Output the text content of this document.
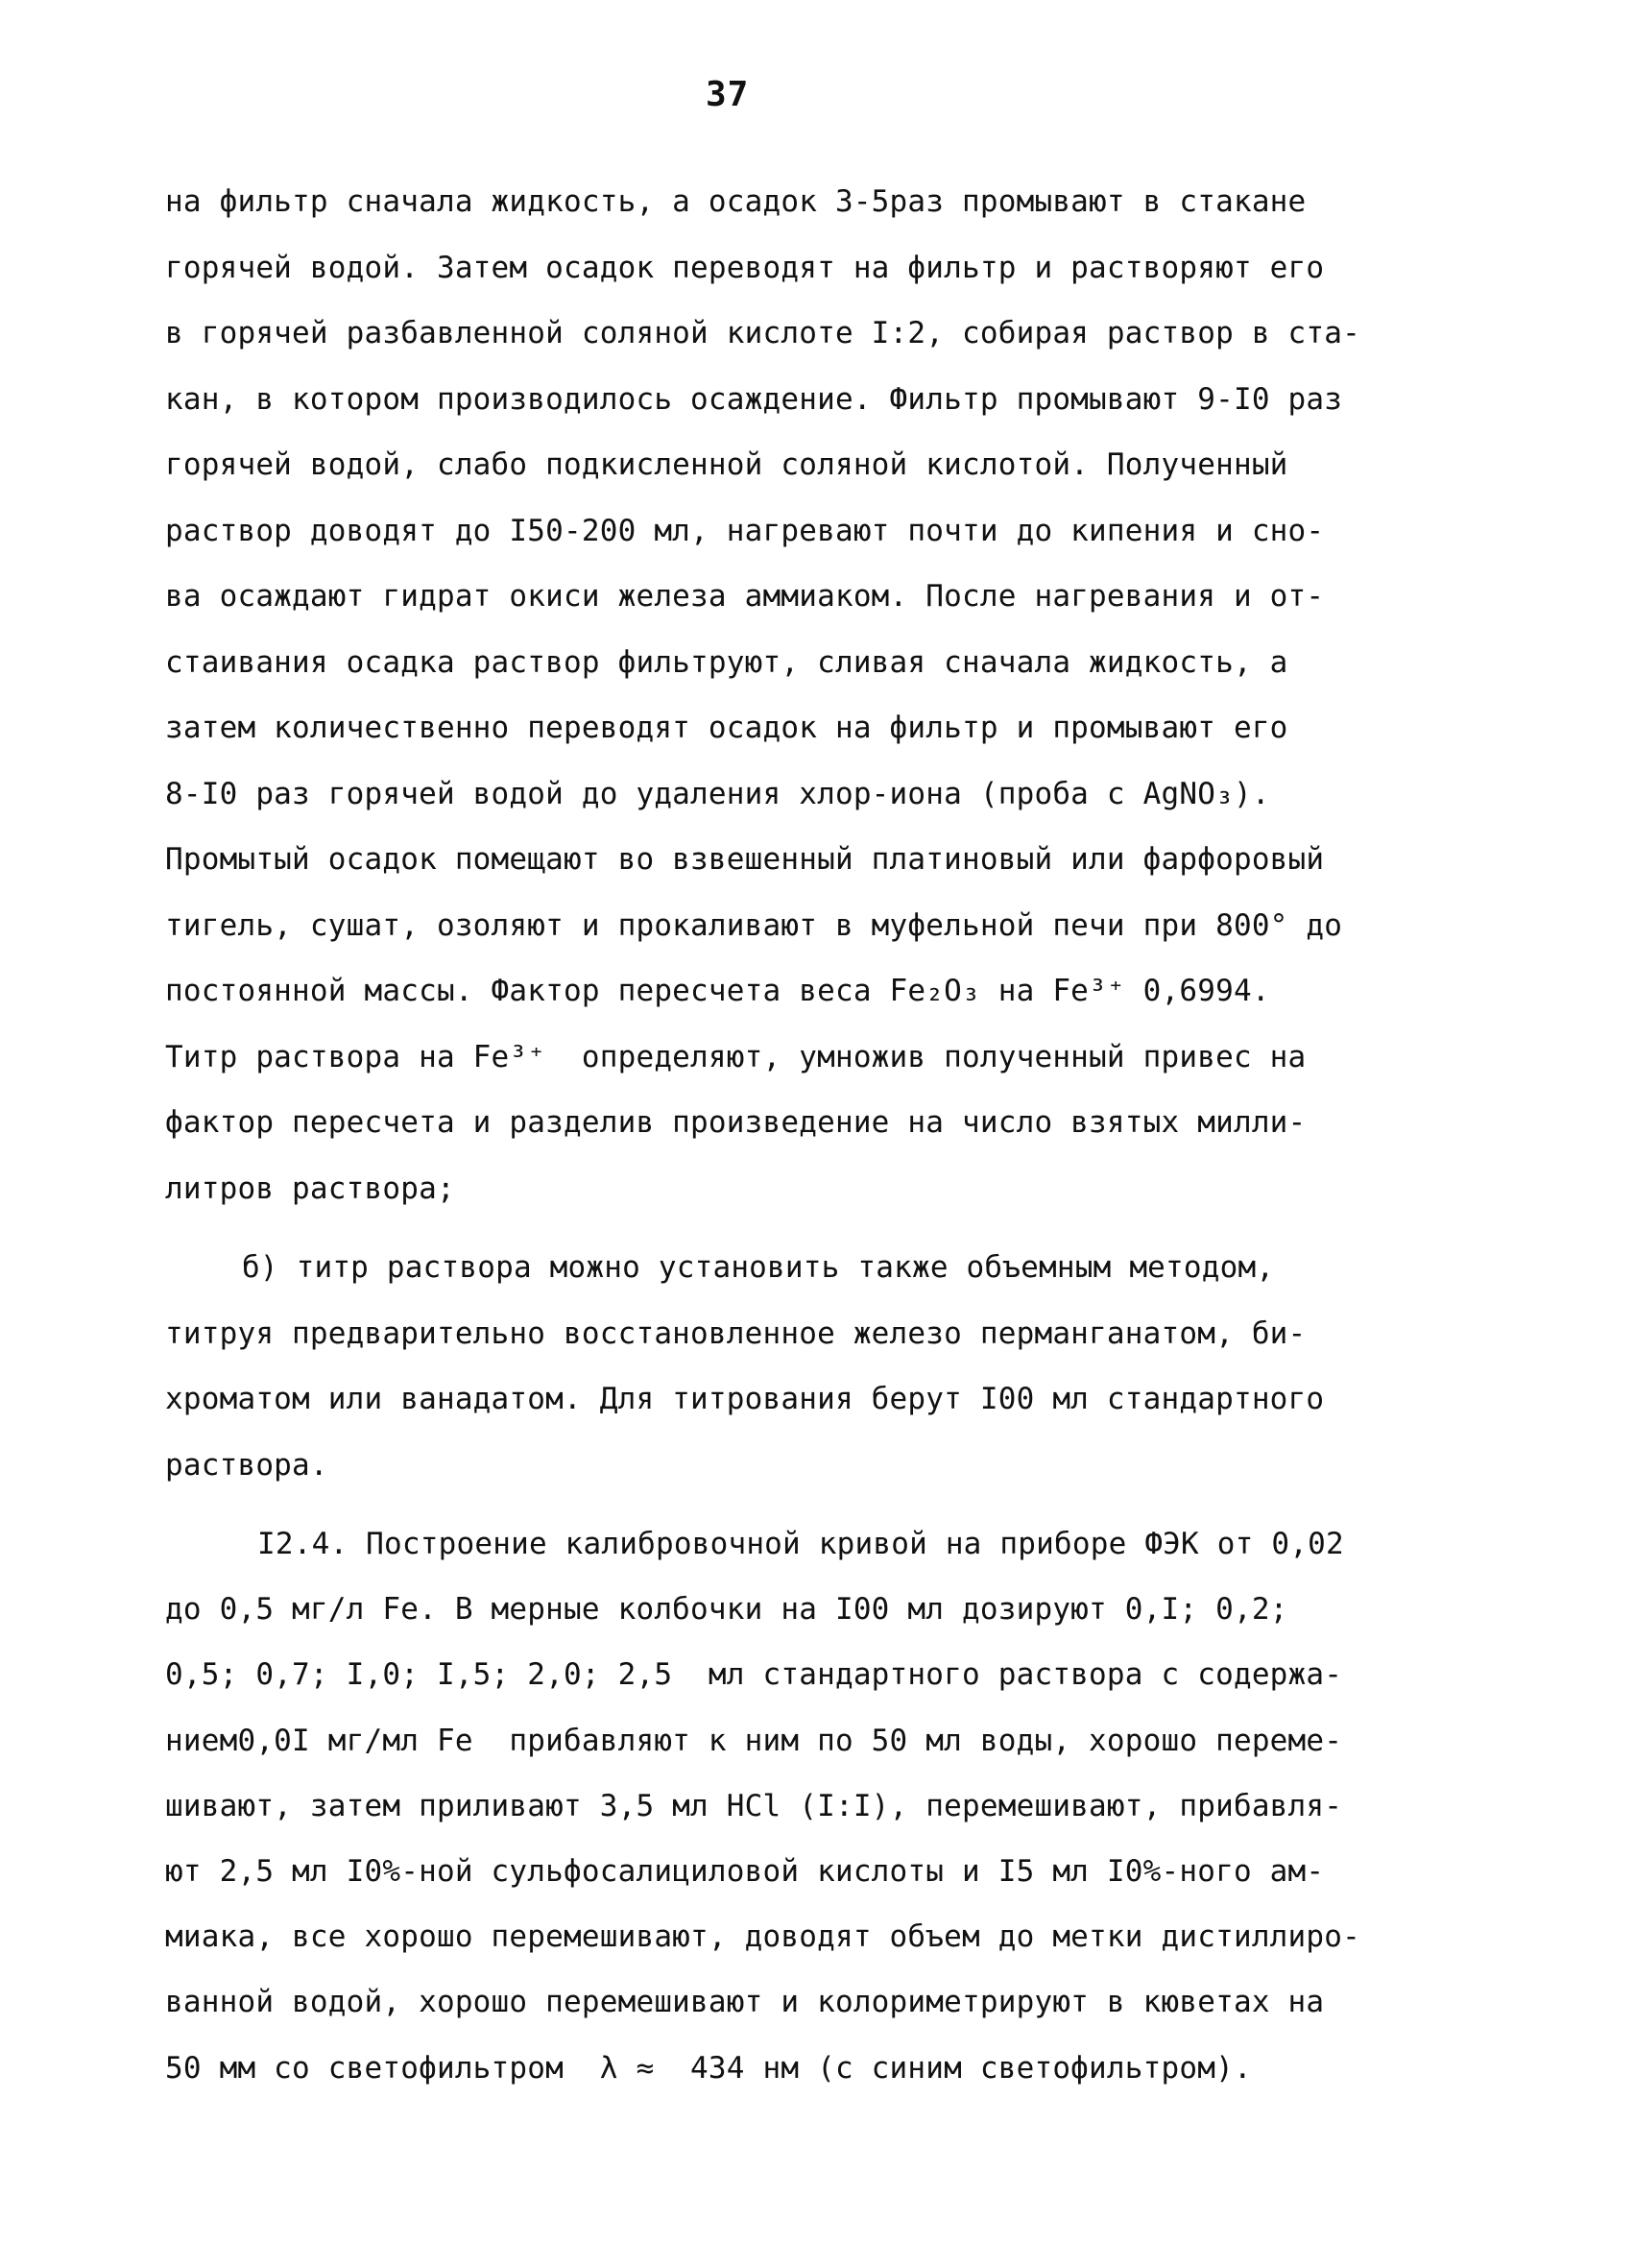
37
на фильтр сначала жидкость, а осадок 3-5раз промывают в стакане
горячей водой. Затем осадок переводят на фильтр и растворяют его
в горячей разбавленной соляной кислоте I:2, собирая раствор в ста-
кан, в котором производилось осаждение. Фильтр промывают 9-I0 раз
горячей водой, слабо подкисленной соляной кислотой. Полученный
раствор доводят до I50-200 мл, нагревают почти до кипения и сно-
ва осаждают гидрат окиси железа аммиаком. После нагревания и от-
стаивания осадка раствор фильтруют, сливая сначала жидкость, а
затем количественно переводят осадок на фильтр и промывают его
8-I0 раз горячей водой до удаления хлор-иона (проба с AgNO₃).
Промытый осадок помещают во взвешенный платиновый или фарфоровый
тигель, сушат, озоляют и прокаливают в муфельной печи при 800° до
постоянной массы. Фактор пересчета веса Fe₂O₃ на Fe³⁺ 0,6994.
Титр раствора на Fe³⁺  определяют, умножив полученный привес на
фактор пересчета и разделив произведение на число взятых милли-
литров раствора;
б) титр раствора можно установить также объемным методом,
титруя предварительно восстановленное железо перманганатом, би-
хроматом или ванадатом. Для титрования берут I00 мл стандартного
раствора.
I2.4. Построение калибровочной кривой на приборе ФЭК от 0,02
до 0,5 мг/л Fe. В мерные колбочки на I00 мл дозируют 0,I; 0,2;
0,5; 0,7; I,0; I,5; 2,0; 2,5  мл стандартного раствора с содержа-
нием0,0I мг/мл Fe  прибавляют к ним по 50 мл воды, хорошо переме-
шивают, затем приливают 3,5 мл HCl (I:I), перемешивают, прибавля-
ют 2,5 мл I0%-ной сульфосалициловой кислоты и I5 мл I0%-ного ам-
миака, все хорошо перемешивают, доводят объем до метки дистиллиро-
ванной водой, хорошо перемешивают и колориметрируют в кюветах на
50 мм со светофильтром  λ ≈  434 нм (с синим светофильтром).
